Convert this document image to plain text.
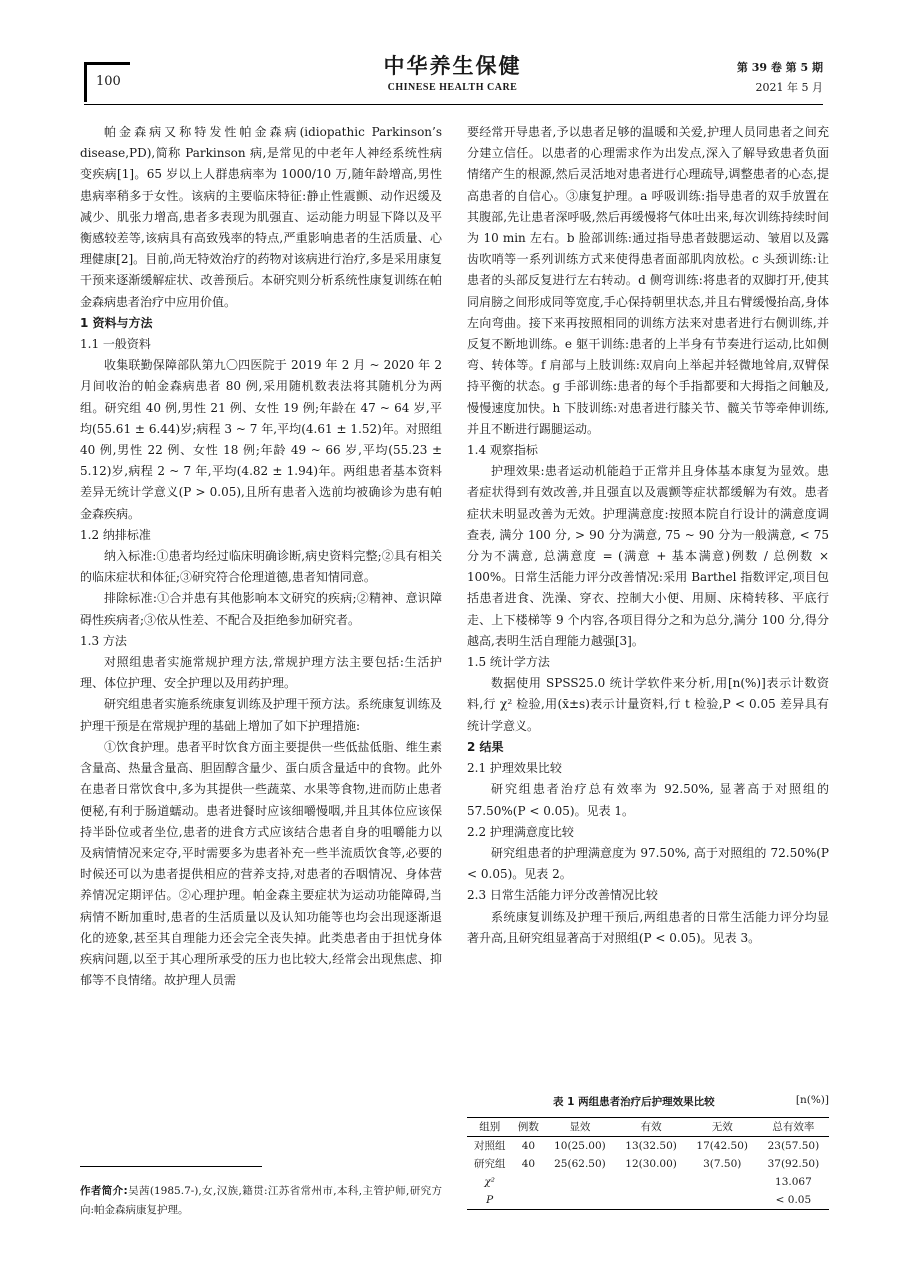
100
中华养生保健
CHINESE HEALTH CARE
第 39 卷 第 5 期
2021 年 5 月

帕金森病又称特发性帕金森病(idiopathic Parkinson’s disease,PD),简称 Parkinson 病,是常见的中老年人神经系统性病变疾病[1]。65 岁以上人群患病率为 1000/10 万,随年龄增高,男性患病率稍多于女性。该病的主要临床特征:静止性震颤、动作迟缓及减少、肌张力增高,患者多表现为肌强直、运动能力明显下降以及平衡感较差等,该病具有高致残率的特点,严重影响患者的生活质量、心理健康[2]。目前,尚无特效治疗的药物对该病进行治疗,多是采用康复干预来逐渐缓解症状、改善预后。本研究则分析系统性康复训练在帕金森病患者治疗中应用价值。

1 资料与方法
1.1 一般资料

收集联勤保障部队第九〇四医院于 2019 年 2 月 ~ 2020 年 2 月间收治的帕金森病患者 80 例,采用随机数表法将其随机分为两组。研究组 40 例,男性 21 例、女性 19 例;年龄在 47 ~ 64 岁,平均(55.61 ± 6.44)岁;病程 3 ~ 7 年,平均(4.61 ± 1.52)年。对照组 40 例,男性 22 例、女性 18 例;年龄 49 ~ 66 岁,平均(55.23 ± 5.12)岁,病程 2 ~ 7 年,平均(4.82 ± 1.94)年。两组患者基本资料差异无统计学意义(P > 0.05),且所有患者入选前均被确诊为患有帕金森疾病。

1.2 纳排标准

纳入标准:①患者均经过临床明确诊断,病史资料完整;②具有相关的临床症状和体征;③研究符合伦理道德,患者知情同意。

排除标准:①合并患有其他影响本文研究的疾病;②精神、意识障碍性疾病者;③依从性差、不配合及拒绝参加研究者。

1.3 方法

对照组患者实施常规护理方法,常规护理方法主要包括:生活护理、体位护理、安全护理以及用药护理。

研究组患者实施系统康复训练及护理干预方法。系统康复训练及护理干预是在常规护理的基础上增加了如下护理措施:

①饮食护理。患者平时饮食方面主要提供一些低盐低脂、维生素含量高、热量含量高、胆固醇含量少、蛋白质含量适中的食物。此外在患者日常饮食中,多为其提供一些蔬菜、水果等食物,进而防止患者便秘,有利于肠道蠕动。患者进餐时应该细嚼慢咽,并且其体位应该保持半卧位或者坐位,患者的进食方式应该结合患者自身的咀嚼能力以及病情情况来定夺,平时需要多为患者补充一些半流质饮食等,必要的时候还可以为患者提供相应的营养支持,对患者的吞咽情况、身体营养情况定期评估。②心理护理。帕金森主要症状为运动功能障碍,当病情不断加重时,患者的生活质量以及认知功能等也均会出现逐渐退化的迹象,甚至其自理能力还会完全丧失掉。此类患者由于担忧身体疾病问题,以至于其心理所承受的压力也比较大,经常会出现焦虑、抑郁等不良情绪。故护理人员需

作者简介:吴茜(1985.7-),女,汉族,籍贯:江苏省常州市,本科,主管护师,研究方向:帕金森病康复护理。

要经常开导患者,予以患者足够的温暖和关爱,护理人员同患者之间充分建立信任。以患者的心理需求作为出发点,深入了解导致患者负面情绪产生的根源,然后灵活地对患者进行心理疏导,调整患者的心态,提高患者的自信心。③康复护理。a 呼吸训练:指导患者的双手放置在其腹部,先让患者深呼吸,然后再缓慢将气体吐出来,每次训练持续时间为 10 min 左右。b 脸部训练:通过指导患者鼓腮运动、皱眉以及露齿吹哨等一系列训练方式来使得患者面部肌肉放松。c 头颈训练:让患者的头部反复进行左右转动。d 侧弯训练:将患者的双脚打开,使其同肩膀之间形成同等宽度,手心保持朝里状态,并且右臂缓慢抬高,身体左向弯曲。接下来再按照相同的训练方法来对患者进行右侧训练,并反复不断地训练。e 躯干训练:患者的上半身有节奏进行运动,比如侧弯、转体等。f 肩部与上肢训练:双肩向上举起并轻微地耸肩,双臂保持平衡的状态。g 手部训练:患者的每个手指都要和大拇指之间触及,慢慢速度加快。h 下肢训练:对患者进行膝关节、髋关节等牵伸训练,并且不断进行踢腿运动。

1.4 观察指标

护理效果:患者运动机能趋于正常并且身体基本康复为显效。患者症状得到有效改善,并且强直以及震颤等症状都缓解为有效。患者症状未明显改善为无效。护理满意度:按照本院自行设计的满意度调查表, 满分 100 分, > 90 分为满意, 75 ~ 90 分为一般满意, < 75 分为不满意, 总满意度 = (满意 + 基本满意)例数 / 总例数 × 100%。日常生活能力评分改善情况:采用 Barthel 指数评定,项目包括患者进食、洗澡、穿衣、控制大小便、用厕、床椅转移、平底行走、上下楼梯等 9 个内容,各项目得分之和为总分,满分 100 分,得分越高,表明生活自理能力越强[3]。

1.5 统计学方法

数据使用 SPSS25.0 统计学软件来分析,用[n(%)]表示计数资料,行 χ² 检验,用(x̄±s)表示计量资料,行 t 检验,P < 0.05 差异具有统计学意义。

2 结果
2.1 护理效果比较

研究组患者治疗总有效率为 92.50%, 显著高于对照组的 57.50%(P < 0.05)。见表 1。

2.2 护理满意度比较

研究组患者的护理满意度为 97.50%, 高于对照组的 72.50%(P < 0.05)。见表 2。

2.3 日常生活能力评分改善情况比较

系统康复训练及护理干预后,两组患者的日常生活能力评分均显著升高,且研究组显著高于对照组(P < 0.05)。见表 3。

表 1 两组患者治疗后护理效果比较	[n(%)]
组别	例数	显效	有效	无效	总有效率
对照组	40	10(25.00)	13(32.50)	17(42.50)	23(57.50)
研究组	40	25(62.50)	12(30.00)	3(7.50)	37(92.50)
χ²					13.067
P					< 0.05
